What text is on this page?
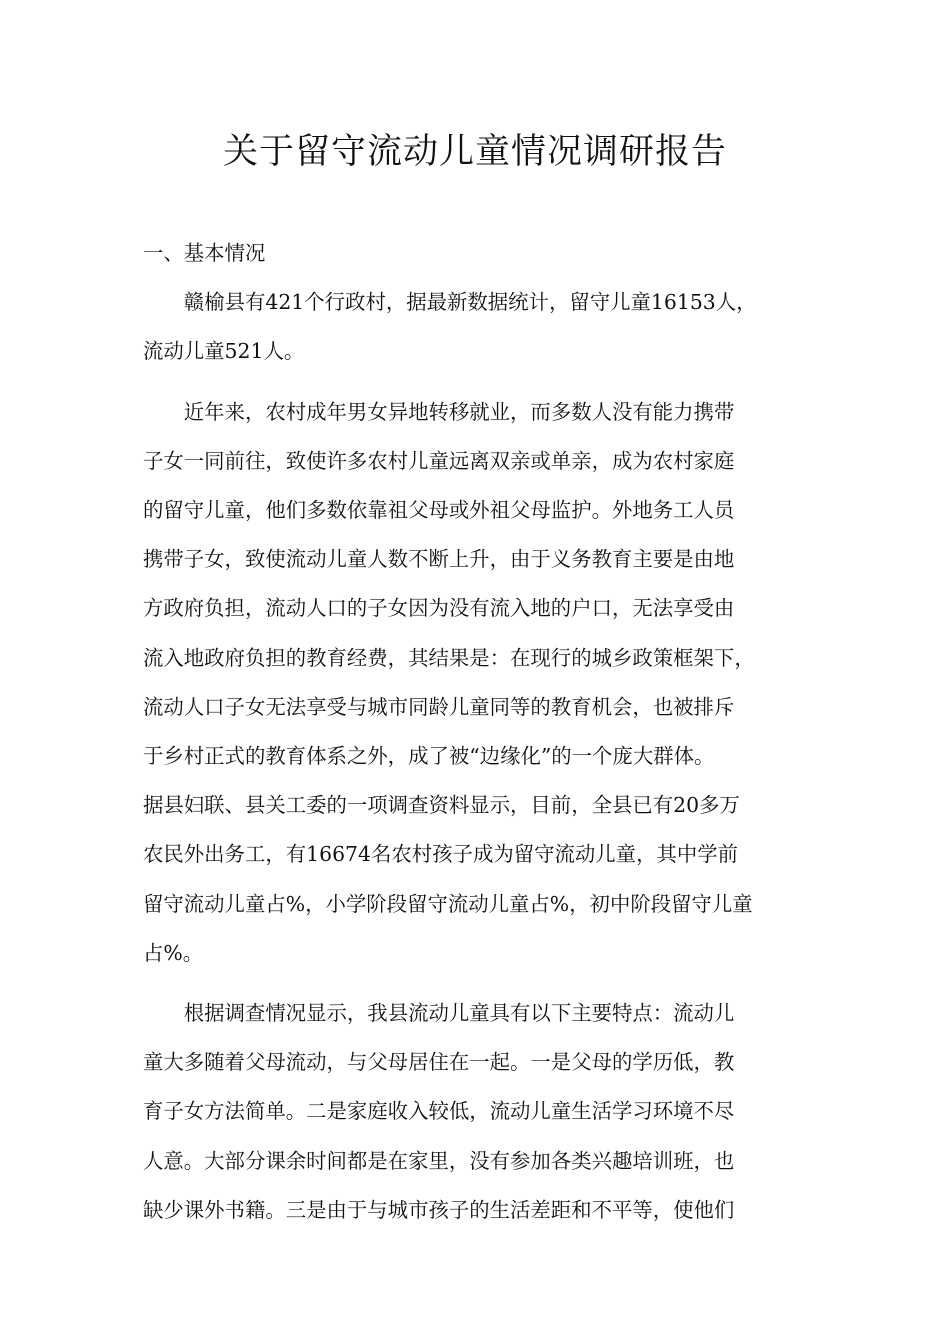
关于留守流动儿童情况调研报告
一、基本情况
赣榆县有421个行政村，据最新数据统计，留守儿童16153人，
流动儿童521人。
近年来，农村成年男女异地转移就业，而多数人没有能力携带
子女一同前往，致使许多农村儿童远离双亲或单亲，成为农村家庭
的留守儿童，他们多数依靠祖父母或外祖父母监护。外地务工人员
携带子女，致使流动儿童人数不断上升，由于义务教育主要是由地
方政府负担，流动人口的子女因为没有流入地的户口，无法享受由
流入地政府负担的教育经费，其结果是：在现行的城乡政策框架下，
流动人口子女无法享受与城市同龄儿童同等的教育机会，也被排斥
于乡村正式的教育体系之外，成了被“边缘化”的一个庞大群体。
据县妇联、县关工委的一项调查资料显示，目前，全县已有20多万
农民外出务工，有16674名农村孩子成为留守流动儿童，其中学前
留守流动儿童占%，小学阶段留守流动儿童占%，初中阶段留守儿童
占%。
根据调查情况显示，我县流动儿童具有以下主要特点：流动儿
童大多随着父母流动，与父母居住在一起。一是父母的学历低，教
育子女方法简单。二是家庭收入较低，流动儿童生活学习环境不尽
人意。大部分课余时间都是在家里，没有参加各类兴趣培训班，也
缺少课外书籍。三是由于与城市孩子的生活差距和不平等，使他们
